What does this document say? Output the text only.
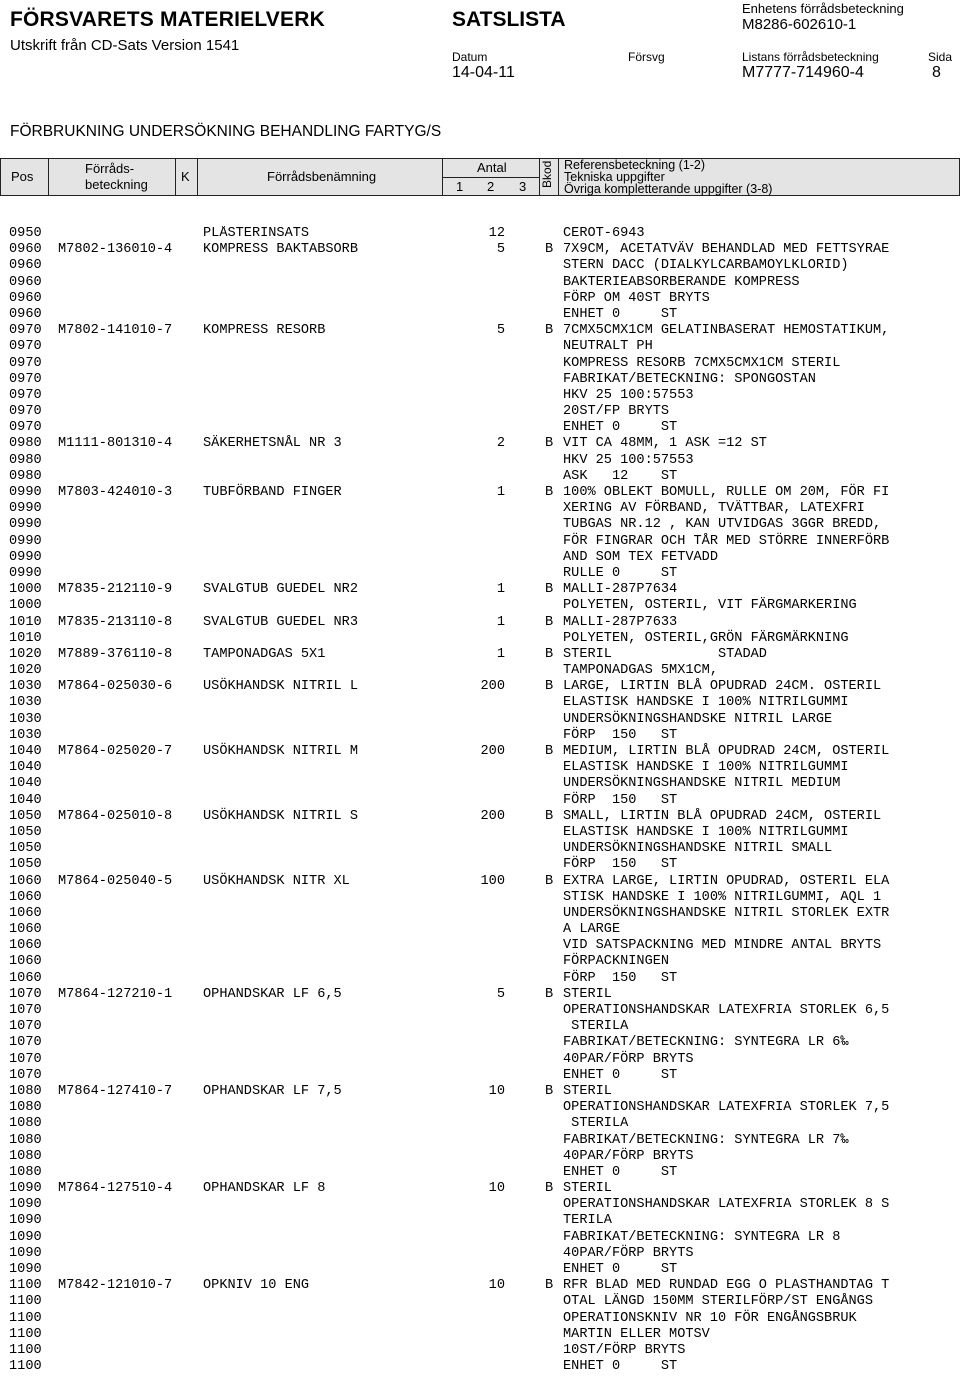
FÖRSVARETS MATERIELVERK
Utskrift från CD-Sats Version 1541
SATSLISTA	Enhetens förrådsbeteckning
M8286-602610-1
Datum
14-04-11
Försvg	Listans förrådsbeteckning
M7777-714960-4
Sida
8
FÖRBRUKNING UNDERSÖKNING BEHANDLING FARTYG/S
Pos
Förråds-
beteckning
K	Förrådsbenämning
Antal
1 2 3 Bkod Referensbeteckning (1-2)
Tekniska uppgifter
Övriga kompletterande uppgifter (3-8)
0950	PLÅSTERINSATS	12	CEROT-6943
0960 M7802-136010-4 KOMPRESS BAKTABSORB	5	B 7X9CM, ACETATVÄV BEHANDLAD MED FETTSYRAE
0960	STERN DACC (DIALKYLCARBAMOYLKLORID)
0960	BAKTERIEABSORBERANDE KOMPRESS
0960	FÖRP OM 40ST BRYTS
0960	ENHET 0     ST
0970 M7802-141010-7 KOMPRESS RESORB	5	B 7CMX5CMX1CM GELATINBASERAT HEMOSTATIKUM,
0970	NEUTRALT PH
0970	KOMPRESS RESORB 7CMX5CMX1CM STERIL
0970	FABRIKAT/BETECKNING: SPONGOSTAN
0970	HKV 25 100:57553
0970	20ST/FP BRYTS
0970	ENHET 0     ST
0980 M1111-801310-4 SÄKERHETSNÅL NR 3	2	B VIT CA 48MM, 1 ASK =12 ST
0980	HKV 25 100:57553
0980	ASK   12    ST
0990 M7803-424010-3 TUBFÖRBAND FINGER	1	B 100% OBLEKT BOMULL, RULLE OM 20M, FÖR FI
0990	XERING AV FÖRBAND, TVÄTTBAR, LATEXFRI
0990	TUBGAS NR.12 , KAN UTVIDGAS 3GGR BREDD,
0990	FÖR FINGRAR OCH TÅR MED STÖRRE INNERFÖRB
0990	AND SOM TEX FETVADD
0990	RULLE 0     ST
1000 M7835-212110-9 SVALGTUB GUEDEL NR2	1	B MALLI-287P7634
1000	POLYETEN, OSTERIL, VIT FÄRGMARKERING
1010 M7835-213110-8 SVALGTUB GUEDEL NR3	1	B MALLI-287P7633
1010	POLYETEN, OSTERIL,GRÖN FÄRGMÄRKNING
1020 M7889-376110-8 TAMPONADGAS 5X1	1	B STERIL             STADAD
1020	TAMPONADGAS 5MX1CM,
1030 M7864-025030-6 USÖKHANDSK NITRIL L	200	B LARGE, LIRTIN BLÅ OPUDRAD 24CM. OSTERIL
1030	ELASTISK HANDSKE I 100% NITRILGUMMI
1030	UNDERSÖKNINGSHANDSKE NITRIL LARGE
1030	FÖRP  150   ST
1040 M7864-025020-7 USÖKHANDSK NITRIL M	200	B MEDIUM, LIRTIN BLÅ OPUDRAD 24CM, OSTERIL
1040	ELASTISK HANDSKE I 100% NITRILGUMMI
1040	UNDERSÖKNINGSHANDSKE NITRIL MEDIUM
1040	FÖRP  150   ST
1050 M7864-025010-8 USÖKHANDSK NITRIL S	200	B SMALL, LIRTIN BLÅ OPUDRAD 24CM, OSTERIL
1050	ELASTISK HANDSKE I 100% NITRILGUMMI
1050	UNDERSÖKNINGSHANDSKE NITRIL SMALL
1050	FÖRP  150   ST
1060 M7864-025040-5 USÖKHANDSK NITR XL	100	B EXTRA LARGE, LIRTIN OPUDRAD, OSTERIL ELA
1060	STISK HANDSKE I 100% NITRILGUMMI, AQL 1
1060	UNDERSÖKNINGSHANDSKE NITRIL STORLEK EXTR
1060	A LARGE
1060	VID SATSPACKNING MED MINDRE ANTAL BRYTS
1060	FÖRPACKNINGEN
1060	FÖRP  150   ST
1070 M7864-127210-1 OPHANDSKAR LF 6,5	5	B STERIL
1070	OPERATIONSHANDSKAR LATEXFRIA STORLEK 6,5
1070	STERILA
1070	FABRIKAT/BETECKNING: SYNTEGRA LR 6‰
1070	40PAR/FÖRP BRYTS
1070	ENHET 0     ST
1080 M7864-127410-7 OPHANDSKAR LF 7,5	10	B STERIL
1080	OPERATIONSHANDSKAR LATEXFRIA STORLEK 7,5
1080	STERILA
1080	FABRIKAT/BETECKNING: SYNTEGRA LR 7‰
1080	40PAR/FÖRP BRYTS
1080	ENHET 0     ST
1090 M7864-127510-4 OPHANDSKAR LF 8	10	B STERIL
1090	OPERATIONSHANDSKAR LATEXFRIA STORLEK 8 S
1090	TERILA
1090	FABRIKAT/BETECKNING: SYNTEGRA LR 8
1090	40PAR/FÖRP BRYTS
1090	ENHET 0     ST
1100 M7842-121010-7 OPKNIV 10 ENG	10	B RFR BLAD MED RUNDAD EGG O PLASTHANDTAG T
1100	OTAL LÄNGD 150MM STERILFÖRP/ST ENGÅNGS
1100	OPERATIONSKNIV NR 10 FÖR ENGÅNGSBRUK
1100	MARTIN ELLER MOTSV
1100	10ST/FÖRP BRYTS
1100	ENHET 0     ST
